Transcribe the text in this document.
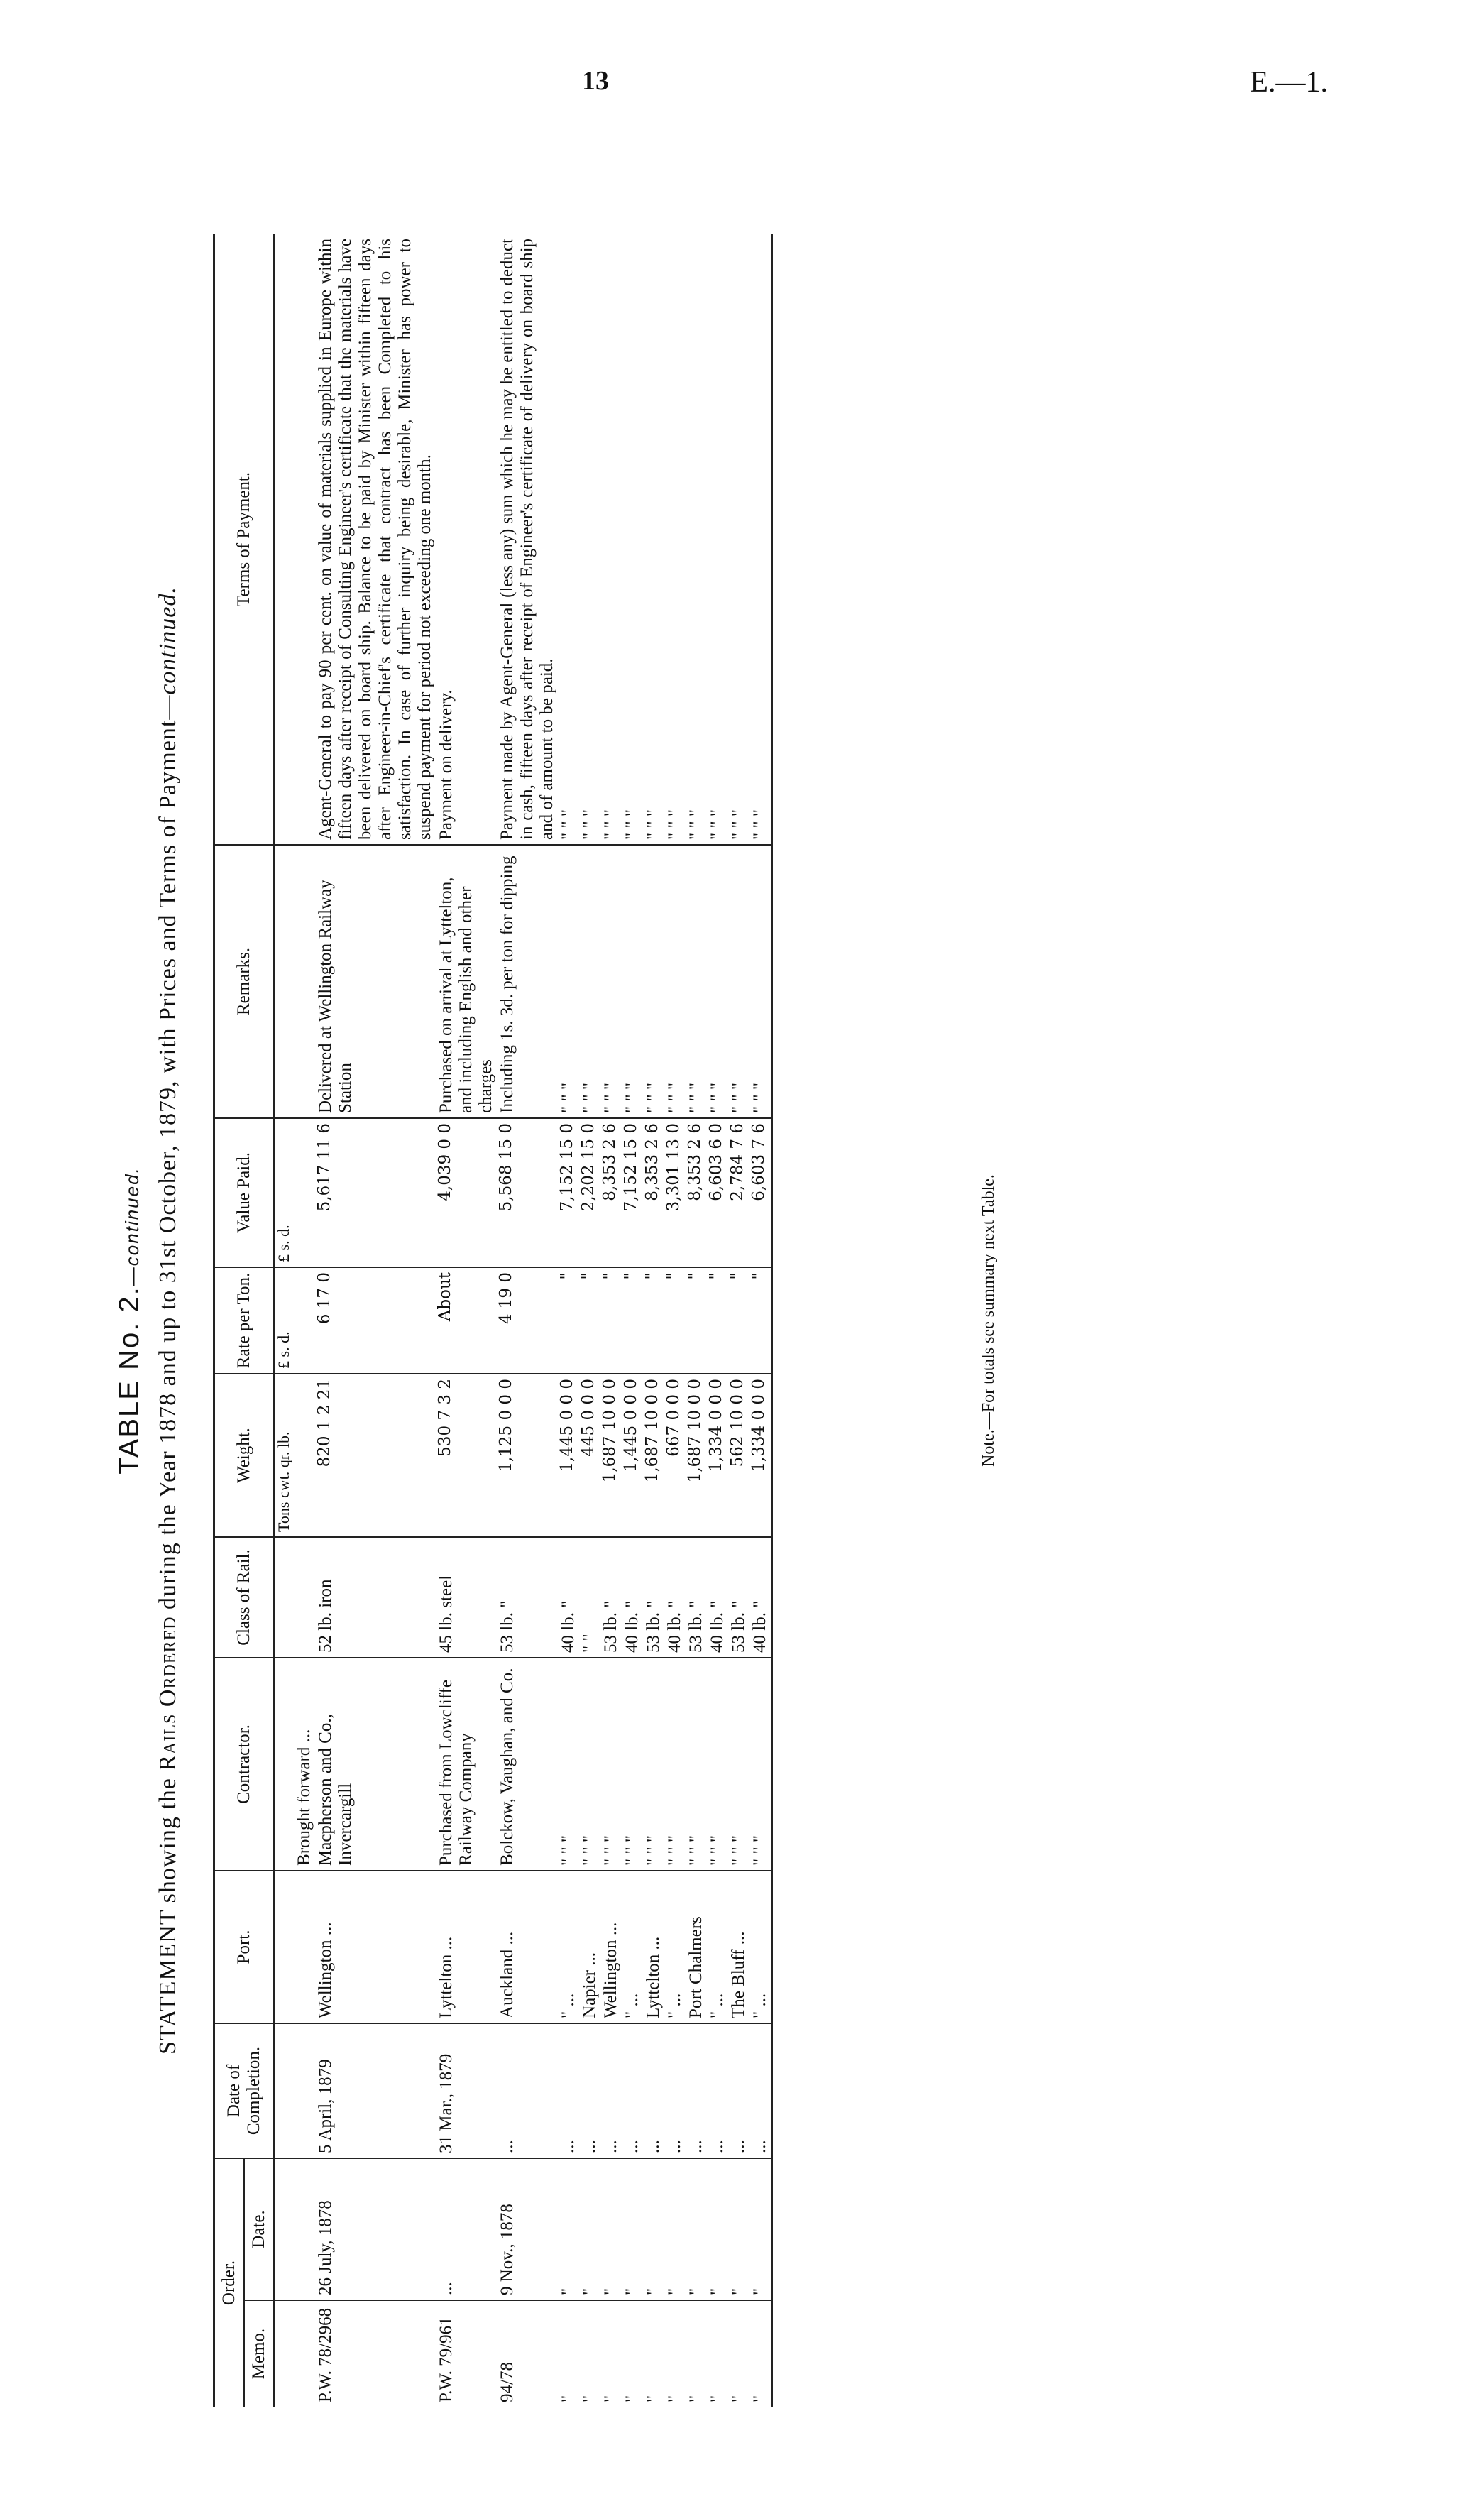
13	E.—1.
TABLE No. 2.—continued.
STATEMENT showing the Rails Ordered during the Year 1878 and up to 31st October, 1879, with Prices and Terms of Payment—continued.
Order.		Date of Completion.	Port.	Contractor.	Class of Rail.	Weight.	Rate per Ton.	Value Paid.	Remarks.	Terms of Payment.
Memo.	Date.									
						Tons cwt. qr. lb.	£ s. d.	£ s. d.		
				Brought forward ...						
P.W. 78/2968	26 July, 1878	5 April, 1879	Wellington ...	Macpherson and Co., Invercargill	52 lb. iron	820 1 2 21	6 17 0	5,617 11 6	Delivered at Wellington Railway Station	Agent-General to pay 90 per cent. on value of materials supplied in Europe within fifteen days after receipt of Consulting Engineer's certificate that the materials have been delivered on board ship. Balance to be paid by Minister within fifteen days after Engineer-in-Chief's certificate that contract has been Completed to his satisfaction. In case of further inquiry being desirable, Minister has power to suspend payment for period not exceeding one month.
P.W. 79/961	...	31 Mar., 1879	Lyttelton ...	Purchased from Lowcliffe Railway Company	45 lb. steel	530 7 3 2	About	4,039 0 0	Purchased on arrival at Lyttelton, and including English and other charges	Payment on delivery.
94/78	9 Nov., 1878	...	Auckland ...	Bolckow, Vaughan, and Co.	53 lb. "	1,125 0 0 0	4 19 0	5,568 15 0	Including 1s. 3d. per ton for dipping	Payment made by Agent-General (less any) sum which he may be entitled to deduct in cash, fifteen days after receipt of Engineer's certificate of delivery on board ship and of amount to be paid.
"	"	...	" ...	" " "	40 lb. "	1,445 0 0 0	"	7,152 15 0	" " "	" " "
"	"	...	Napier ...	" " "	" "	445 0 0 0	"	2,202 15 0	" " "	" " "
"	"	...	Wellington ...	" " "	53 lb. "	1,687 10 0 0	"	8,353 2 6	" " "	" " "
"	"	...	" ...	" " "	40 lb. "	1,445 0 0 0	"	7,152 15 0	" " "	" " "
"	"	...	Lyttelton ...	" " "	53 lb. "	1,687 10 0 0	"	8,353 2 6	" " "	" " "
"	"	...	" ...	" " "	40 lb. "	667 0 0 0	"	3,301 13 0	" " "	" " "
"	"	...	Port Chalmers	" " "	53 lb. "	1,687 10 0 0	"	8,353 2 6	" " "	" " "
"	"	...	" ...	" " "	40 lb. "	1,334 0 0 0	"	6,603 6 0	" " "	" " "
"	"	...	The Bluff ...	" " "	53 lb. "	562 10 0 0	"	2,784 7 6	" " "	" " "
"	"	...	" ...	" " "	40 lb. "	1,334 0 0 0	"	6,603 7 6	" " "	" " "
Note.—For totals see summary next Table.
